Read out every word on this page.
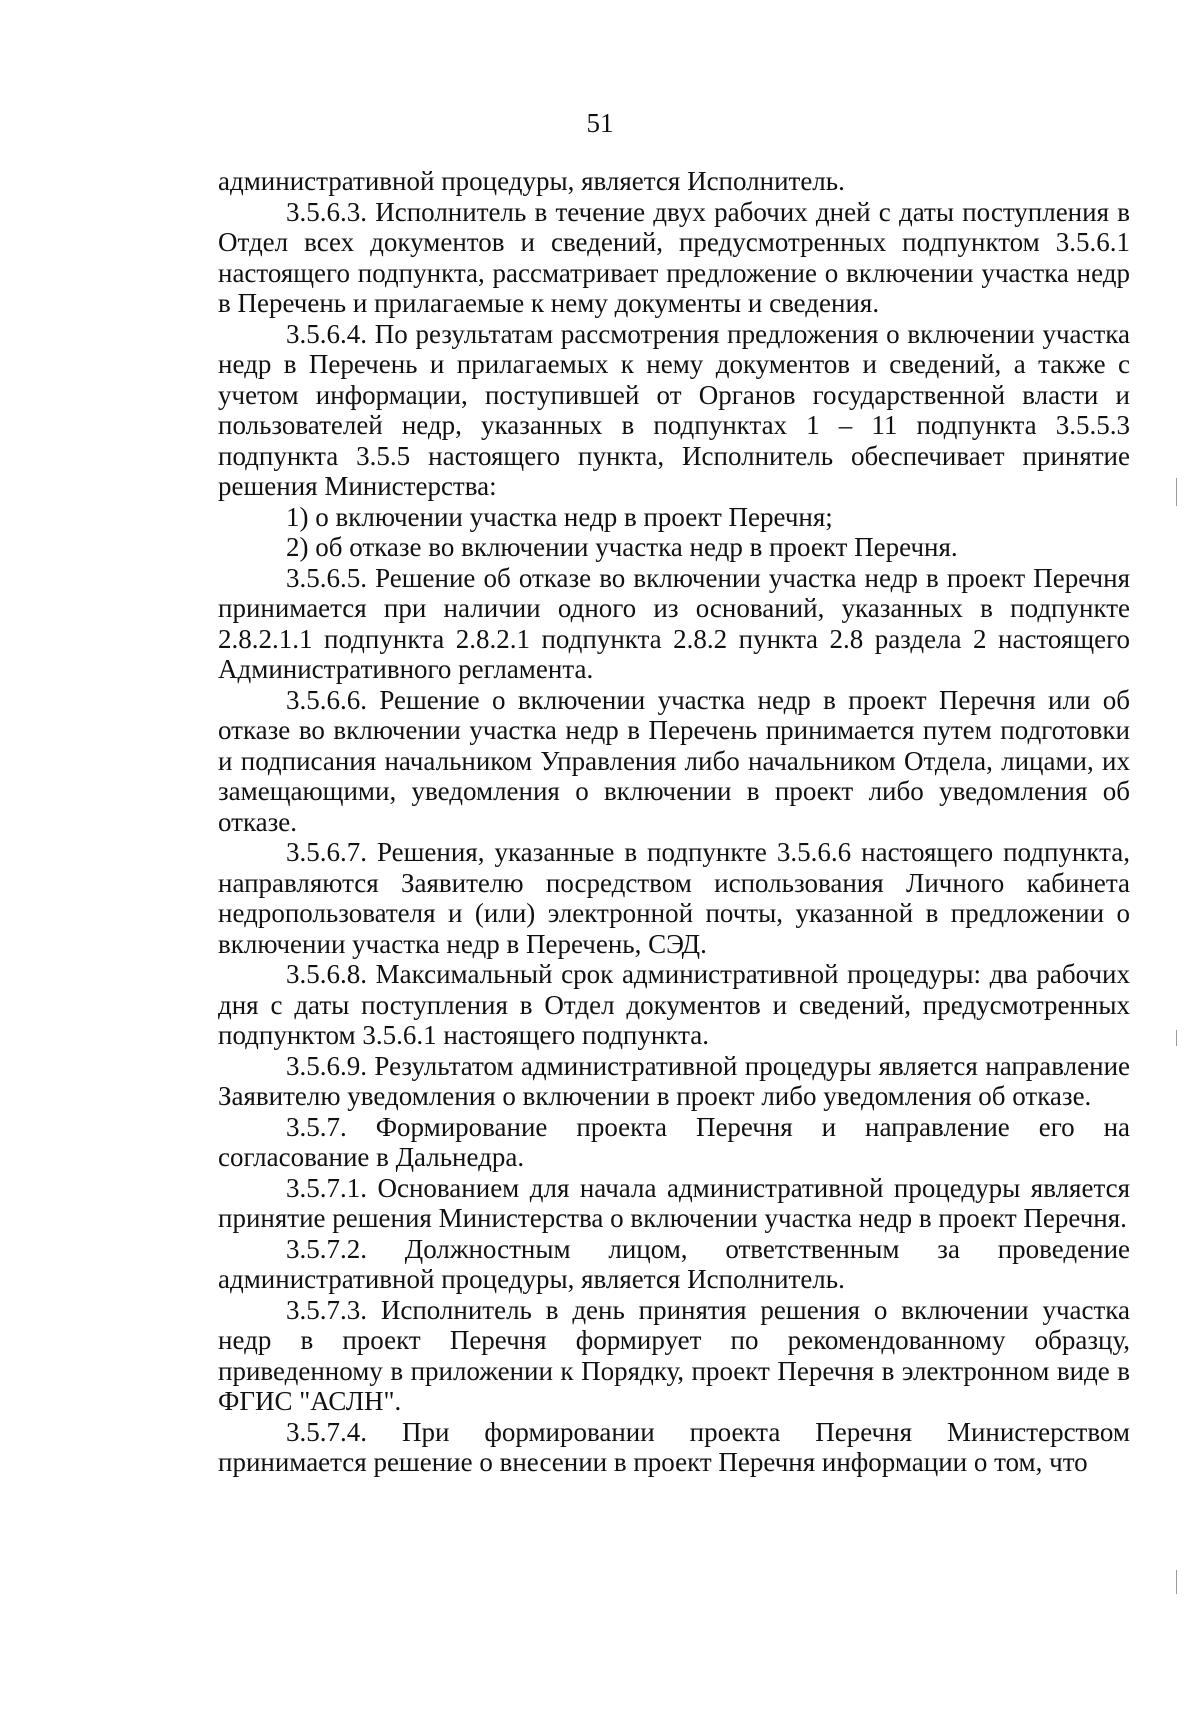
51

административной процедуры, является Исполнитель.

3.5.6.3. Исполнитель в течение двух рабочих дней с даты поступления в Отдел всех документов и сведений, предусмотренных подпунктом 3.5.6.1 настоящего подпункта, рассматривает предложение о включении участка недр в Перечень и прилагаемые к нему документы и сведения.

3.5.6.4. По результатам рассмотрения предложения о включении участка недр в Перечень и прилагаемых к нему документов и сведений, а также с учетом информации, поступившей от Органов государственной власти и пользователей недр, указанных в подпунктах 1 – 11 подпункта 3.5.5.3 подпункта 3.5.5 настоящего пункта, Исполнитель обеспечивает принятие решения Министерства:

1) о включении участка недр в проект Перечня;

2) об отказе во включении участка недр в проект Перечня.

3.5.6.5. Решение об отказе во включении участка недр в проект Перечня принимается при наличии одного из оснований, указанных в подпункте 2.8.2.1.1 подпункта 2.8.2.1 подпункта 2.8.2 пункта 2.8 раздела 2 настоящего Административного регламента.

3.5.6.6. Решение о включении участка недр в проект Перечня или об отказе во включении участка недр в Перечень принимается путем подготовки и подписания начальником Управления либо начальником Отдела, лицами, их замещающими, уведомления о включении в проект либо уведомления об отказе.

3.5.6.7. Решения, указанные в подпункте 3.5.6.6 настоящего подпункта, направляются Заявителю посредством использования Личного кабинета недропользователя и (или) электронной почты, указанной в предложении о включении участка недр в Перечень, СЭД.

3.5.6.8. Максимальный срок административной процедуры: два рабочих дня с даты поступления в Отдел документов и сведений, предусмотренных подпунктом 3.5.6.1 настоящего подпункта.

3.5.6.9. Результатом административной процедуры является направление Заявителю уведомления о включении в проект либо уведомления об отказе.

3.5.7. Формирование проекта Перечня и направление его на согласование в Дальнедра.

3.5.7.1. Основанием для начала административной процедуры является принятие решения Министерства о включении участка недр в проект Перечня.

3.5.7.2. Должностным лицом, ответственным за проведение административной процедуры, является Исполнитель.

3.5.7.3. Исполнитель в день принятия решения о включении участка недр в проект Перечня формирует по рекомендованному образцу, приведенному в приложении к Порядку, проект Перечня в электронном виде в ФГИС "АСЛН".

3.5.7.4. При формировании проекта Перечня Министерством принимается решение о внесении в проект Перечня информации о том, что
